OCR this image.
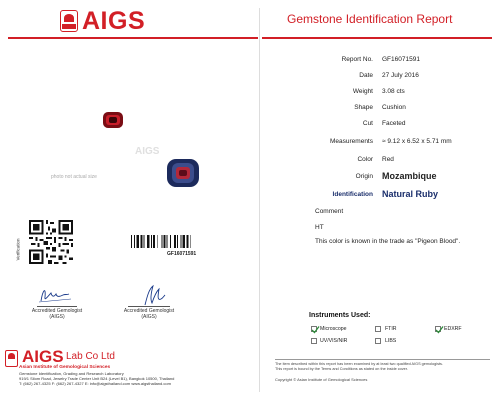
AIGS	Gemstone Identification Report
AIGS
photo not actual size
Verification	GF16071591
Accredited Gemologist
(AIGS)
Accredited Gemologist
(AIGS)
AIGS Lab Co Ltd
Asian Institute of Gemological Sciences
Gemstone Identification, Grading and Research Laboratory
919/1 Silom Road, Jewelry Trade Center Unit B24 (Level B1), Bangkok 10500, Thailand
T: (662) 267-4325 F: (662) 267-4327 E: info@aigsthailand.com www.aigsthailand.com
Report No. GF16071591
Date 27 July 2016
Weight 3.08 cts
Shape Cushion
Cut Faceted
Measurements ≈ 9.12 x 6.52 x 5.71 mm
Color Red
Origin Mozambique
Identification Natural Ruby
Comment
HT
This color is known in the trade as "Pigeon Blood".
Instruments Used:
Microscope	FTIR	EDXRF
UV/VIS/NIR	LIBS
The item described within this report has been examined by at least two qualified AIGS gemologists.
This report is bound by the Terms and Conditions as stated on the inside cover.
Copyright © Asian Institute of Gemological Sciences
